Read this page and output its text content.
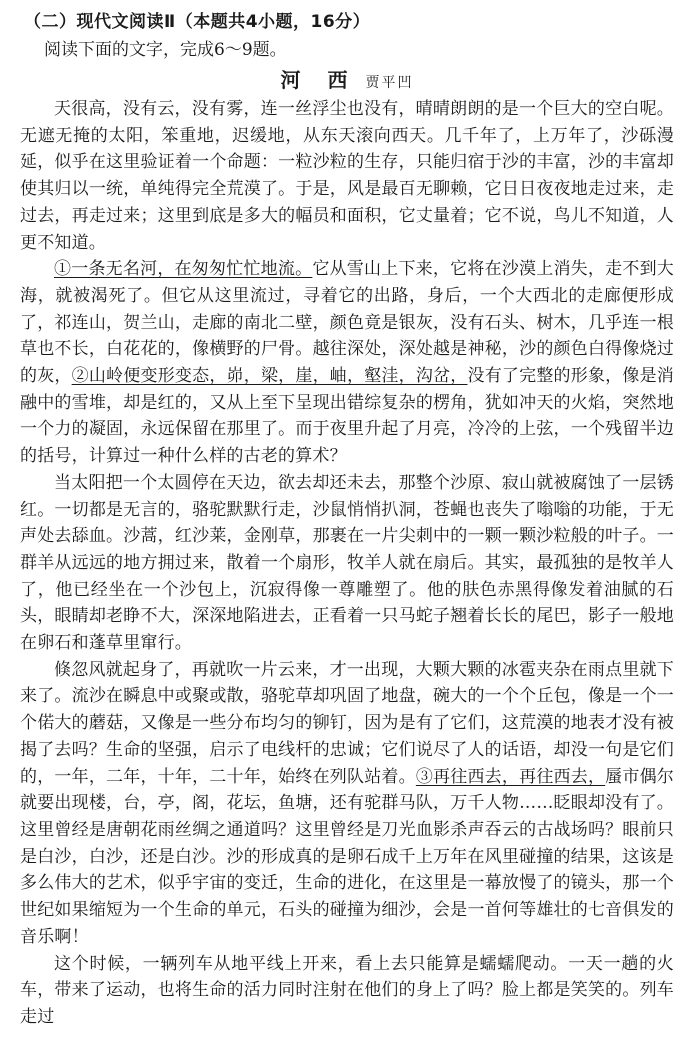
（二）现代文阅读Ⅱ（本题共4小题，16分）

阅读下面的文字，完成6～9题。

河 西 贾平凹

天很高，没有云，没有雾，连一丝浮尘也没有，晴晴朗朗的是一个巨大的空白呢。无遮无掩的太阳，笨重地，迟缓地，从东天滚向西天。几千年了，上万年了，沙砾漫延，似乎在这里验证着一个命题：一粒沙粒的生存，只能归宿于沙的丰富，沙的丰富却使其归以一统，单纯得完全荒漠了。于是，风是最百无聊赖，它日日夜夜地走过来，走过去，再走过来；这里到底是多大的幅员和面积，它丈量着；它不说，鸟儿不知道，人更不知道。

①一条无名河，在匆匆忙忙地流。它从雪山上下来，它将在沙漠上消失，走不到大海，就被渴死了。但它从这里流过，寻着它的出路，身后，一个大西北的走廊便形成了，祁连山，贺兰山，走廊的南北二壁，颜色竟是银灰，没有石头、树木，几乎连一根草也不长，白花花的，像横野的尸骨。越往深处，深处越是神秘，沙的颜色白得像烧过的灰，②山岭便变形变态，峁，梁，崖，岫，壑洼，沟岔，没有了完整的形象，像是消融中的雪堆，却是红的，又从上至下呈现出错综复杂的楞角，犹如冲天的火焰，突然地一个力的凝固，永远保留在那里了。而于夜里升起了月亮，冷冷的上弦，一个残留半边的括号，计算过一种什么样的古老的算术？

当太阳把一个太圆停在天边，欲去却还未去，那整个沙原、寂山就被腐蚀了一层锈红。一切都是无言的，骆驼默默行走，沙鼠悄悄扒洞，苍蝇也丧失了嗡嗡的功能，于无声处去舔血。沙蒿，红沙莱，金刚草，那裹在一片尖刺中的一颗一颗沙粒般的叶子。一群羊从远远的地方拥过来，散着一个扇形，牧羊人就在扇后。其实，最孤独的是牧羊人了，他已经坐在一个沙包上，沉寂得像一尊雕塑了。他的肤色赤黑得像发着油腻的石头，眼睛却老睁不大，深深地陷进去，正看着一只马蛇子翘着长长的尾巴，影子一般地在卵石和蓬草里窜行。

倏忽风就起身了，再就吹一片云来，才一出现，大颗大颗的冰雹夹杂在雨点里就下来了。流沙在瞬息中或聚或散，骆驼草却巩固了地盘，碗大的一个个丘包，像是一个一个偌大的蘑菇，又像是一些分布均匀的铆钉，因为是有了它们，这荒漠的地表才没有被揭了去吗？生命的坚强，启示了电线杆的忠诚；它们说尽了人的话语，却没一句是它们的，一年，二年，十年，二十年，始终在列队站着。③再往西去，再往西去，蜃市偶尔就要出现楼，台，亭，阁，花坛，鱼塘，还有驼群马队，万千人物……眨眼却没有了。这里曾经是唐朝花雨丝绸之通道吗？这里曾经是刀光血影杀声吞云的古战场吗？眼前只是白沙，白沙，还是白沙。沙的形成真的是卵石成千上万年在风里碰撞的结果，这该是多么伟大的艺术，似乎宇宙的变迁，生命的进化，在这里是一幕放慢了的镜头，那一个世纪如果缩短为一个生命的单元，石头的碰撞为细沙，会是一首何等雄壮的七音俱发的音乐啊！

这个时候，一辆列车从地平线上开来，看上去只能算是蠕蠕爬动。一天一趟的火车，带来了运动，也将生命的活力同时注射在他们的身上了吗？脸上都是笑笑的。列车走过
